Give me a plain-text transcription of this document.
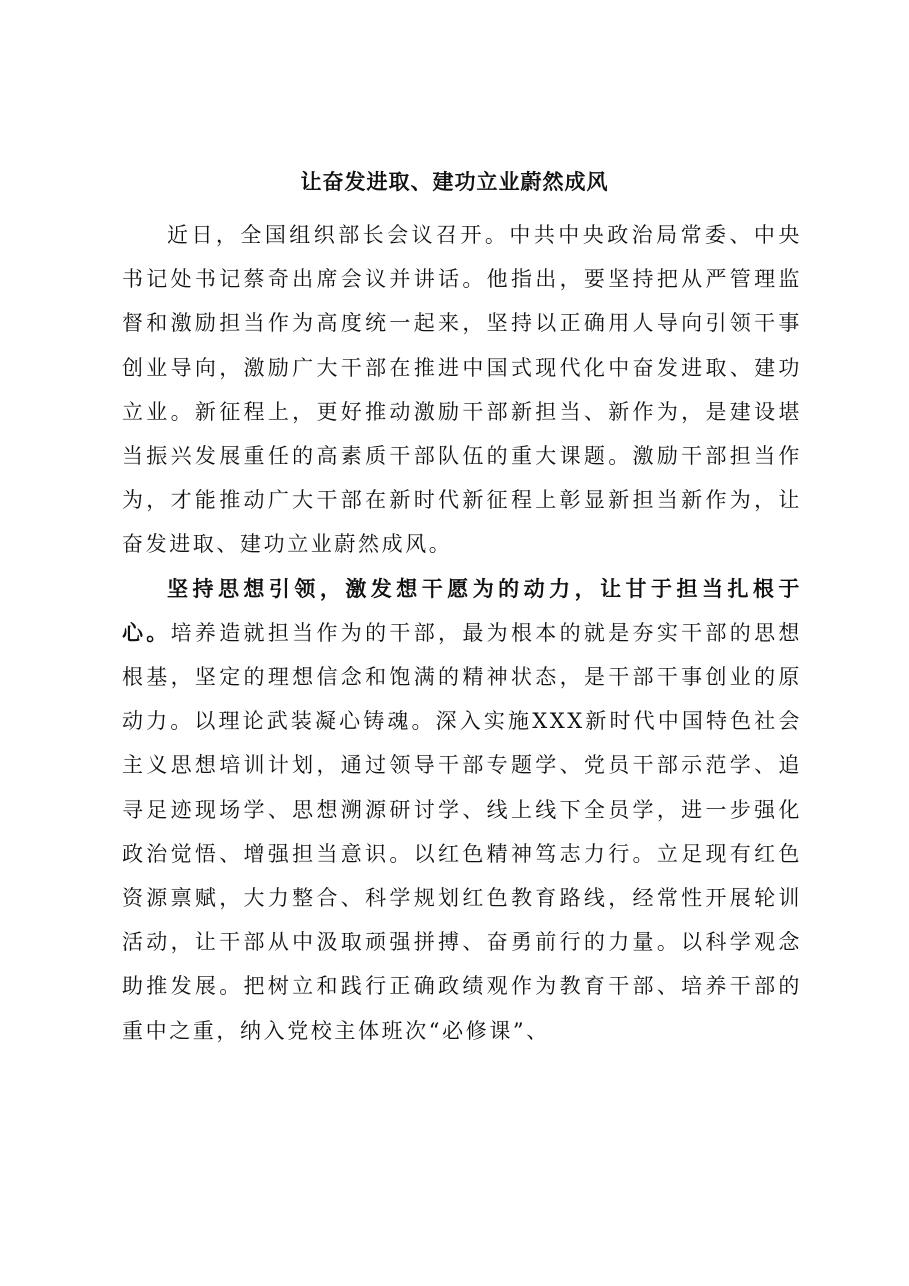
让奋发进取、建功立业蔚然成风

近日，全国组织部长会议召开。中共中央政治局常委、中央书记处书记蔡奇出席会议并讲话。他指出，要坚持把从严管理监督和激励担当作为高度统一起来，坚持以正确用人导向引领干事创业导向，激励广大干部在推进中国式现代化中奋发进取、建功立业。新征程上，更好推动激励干部新担当、新作为，是建设堪当振兴发展重任的高素质干部队伍的重大课题。激励干部担当作为，才能推动广大干部在新时代新征程上彰显新担当新作为，让奋发进取、建功立业蔚然成风。

坚持思想引领，激发想干愿为的动力，让甘于担当扎根于心。培养造就担当作为的干部，最为根本的就是夯实干部的思想根基，坚定的理想信念和饱满的精神状态，是干部干事创业的原动力。以理论武装凝心铸魂。深入实施XXX新时代中国特色社会主义思想培训计划，通过领导干部专题学、党员干部示范学、追寻足迹现场学、思想溯源研讨学、线上线下全员学，进一步强化政治觉悟、增强担当意识。以红色精神笃志力行。立足现有红色资源禀赋，大力整合、科学规划红色教育路线，经常性开展轮训活动，让干部从中汲取顽强拼搏、奋勇前行的力量。以科学观念助推发展。把树立和践行正确政绩观作为教育干部、培养干部的重中之重，纳入党校主体班次“必修课”、
